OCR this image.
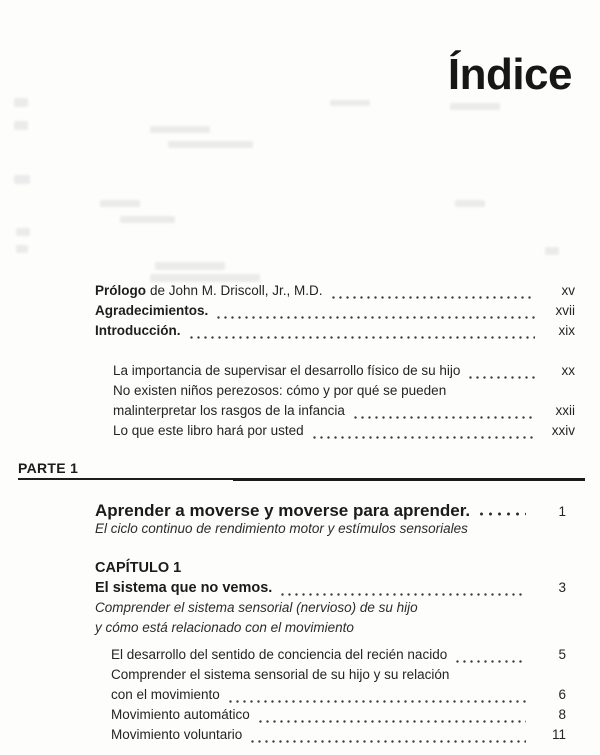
Índice
Prólogo de John M. Driscoll, Jr., M.D.	xv
Agradecimientos.	xvii
Introducción.	xix
La importancia de supervisar el desarrollo físico de su hijo	xx
No existen niños perezosos: cómo y por qué se pueden
malinterpretar los rasgos de la infancia	xxii
Lo que este libro hará por usted	xxiv
PARTE 1
Aprender a moverse y moverse para aprender.	1
El ciclo continuo de rendimiento motor y estímulos sensoriales
CAPÍTULO 1
El sistema que no vemos.	3
Comprender el sistema sensorial (nervioso) de su hijo
y cómo está relacionado con el movimiento
El desarrollo del sentido de conciencia del recién nacido	5
Comprender el sistema sensorial de su hijo y su relación
con el movimiento	6
Movimiento automático	8
Movimiento voluntario	11
